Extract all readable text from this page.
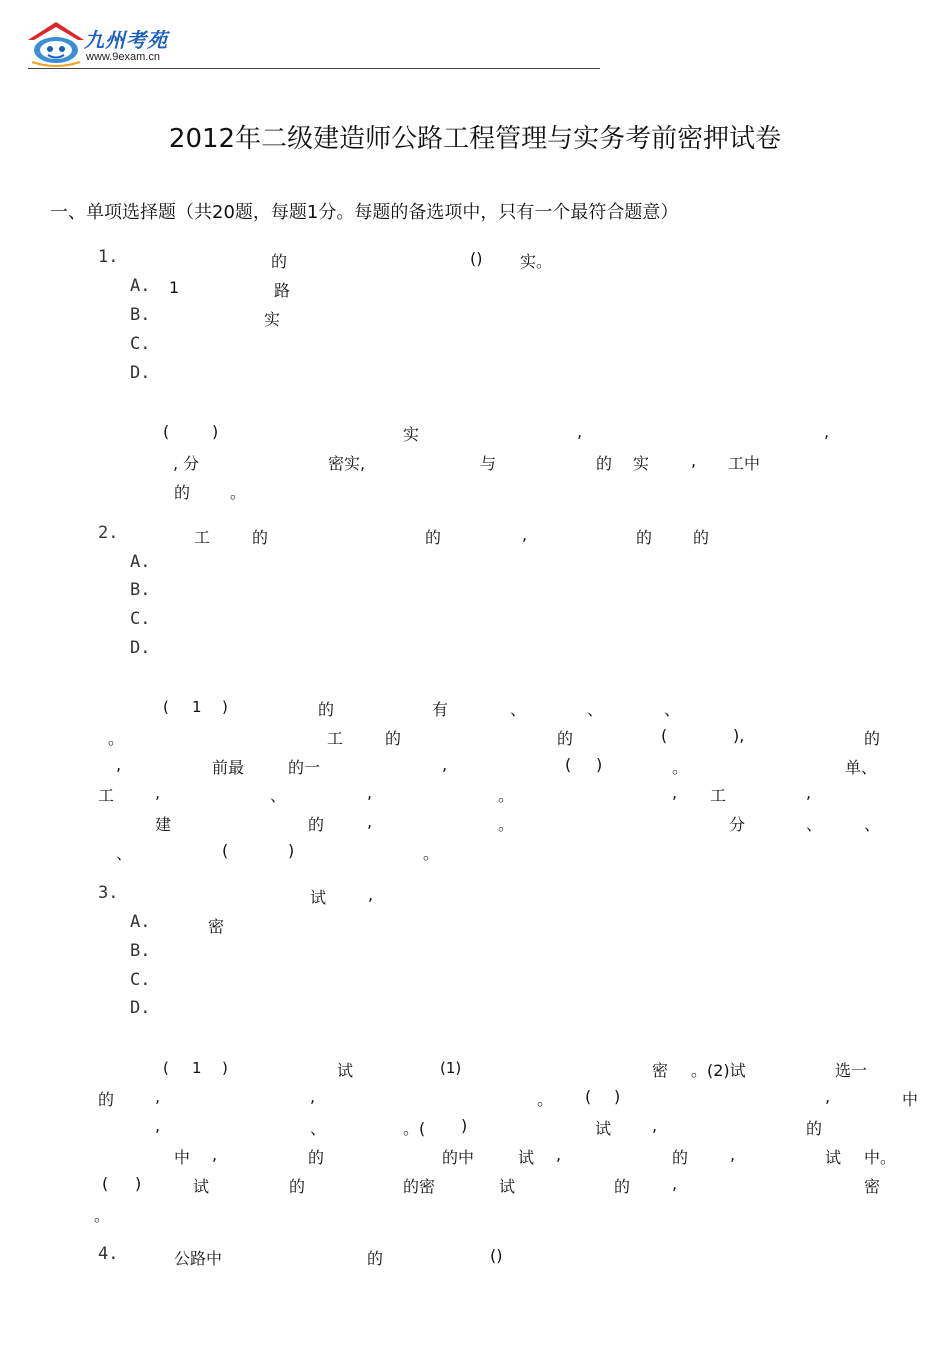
九州考苑
www.9exam.cn
2012年二级建造师公路工程管理与实务考前密押试卷
一、单项选择题（共20题，每题1分。每题的备选项中，只有一个最符合题意）
1.	的	() 实。
A. 1	路
B.	实
C.
D.
(	)	实	,	,
, 分	密实,	与	的 实	, 工中
的 。
2.	工	的	的	,	的	的
A.
B.
C.
D.
( 1 )	的	有	、	、	、
。	工	的	的	(	),	的
,	前最	的一	,	( )	。	单、
工	,	、	,	。	, 工	,
建	的	,	。	分	、	、
、	(	)	。
3.	试	,
A.	密
B.
C.
D.
( 1 )	试	(1)	密 。(2)试	选一
的	,	,	。 ( )	,	中
,	、	。( )	试	,	的
中 ,	的	的中	试 ,	的	,	试 中。
( )	试	的	的密	试	的	,	密
。
4.	公路中	的	()
